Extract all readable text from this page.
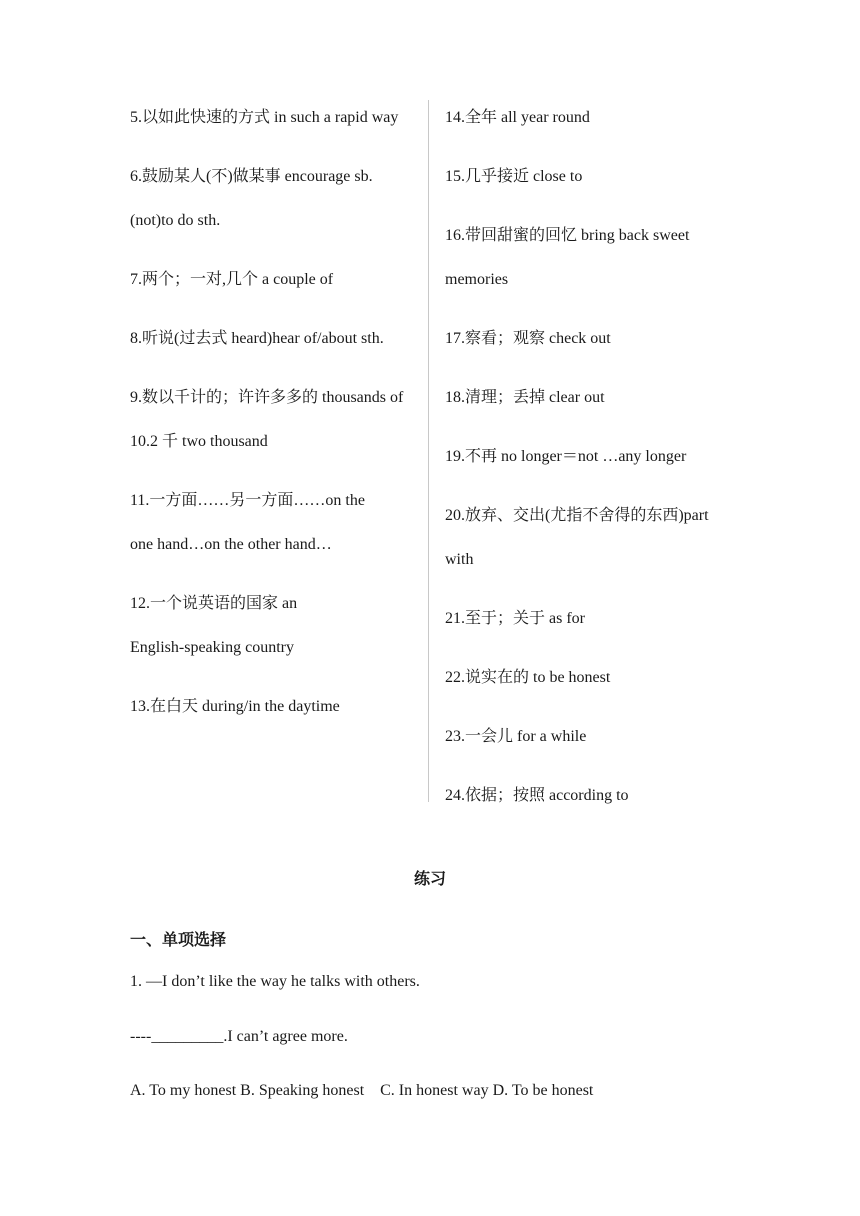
5.以如此快速的方式 in such a rapid way
6.鼓励某人(不)做某事 encourage sb.(not)to do sth.
7.两个；一对,几个 a couple of
8.听说(过去式 heard)hear of/about sth.
9.数以千计的；许许多多的 thousands of 10.2 千 two thousand
11.一方面……另一方面……on the one hand…on the other hand…
12.一个说英语的国家 an English-speaking country
13.在白天 during/in the daytime
14.全年 all year round
15.几乎接近 close to
16.带回甜蜜的回忆 bring back sweet memories
17.察看；观察 check out
18.清理；丢掉 clear out
19.不再 no longer＝not …any longer
20.放弃、交出(尤指不舍得的东西)part with
21.至于；关于 as for
22.说实在的 to be honest
23.一会儿 for a while
24.依据；按照 according to
练习
一、单项选择
1. —I don’t like the way he talks with others.
----_________.I can’t agree more.
A. To my honest B. Speaking honest    C. In honest way D. To be honest
